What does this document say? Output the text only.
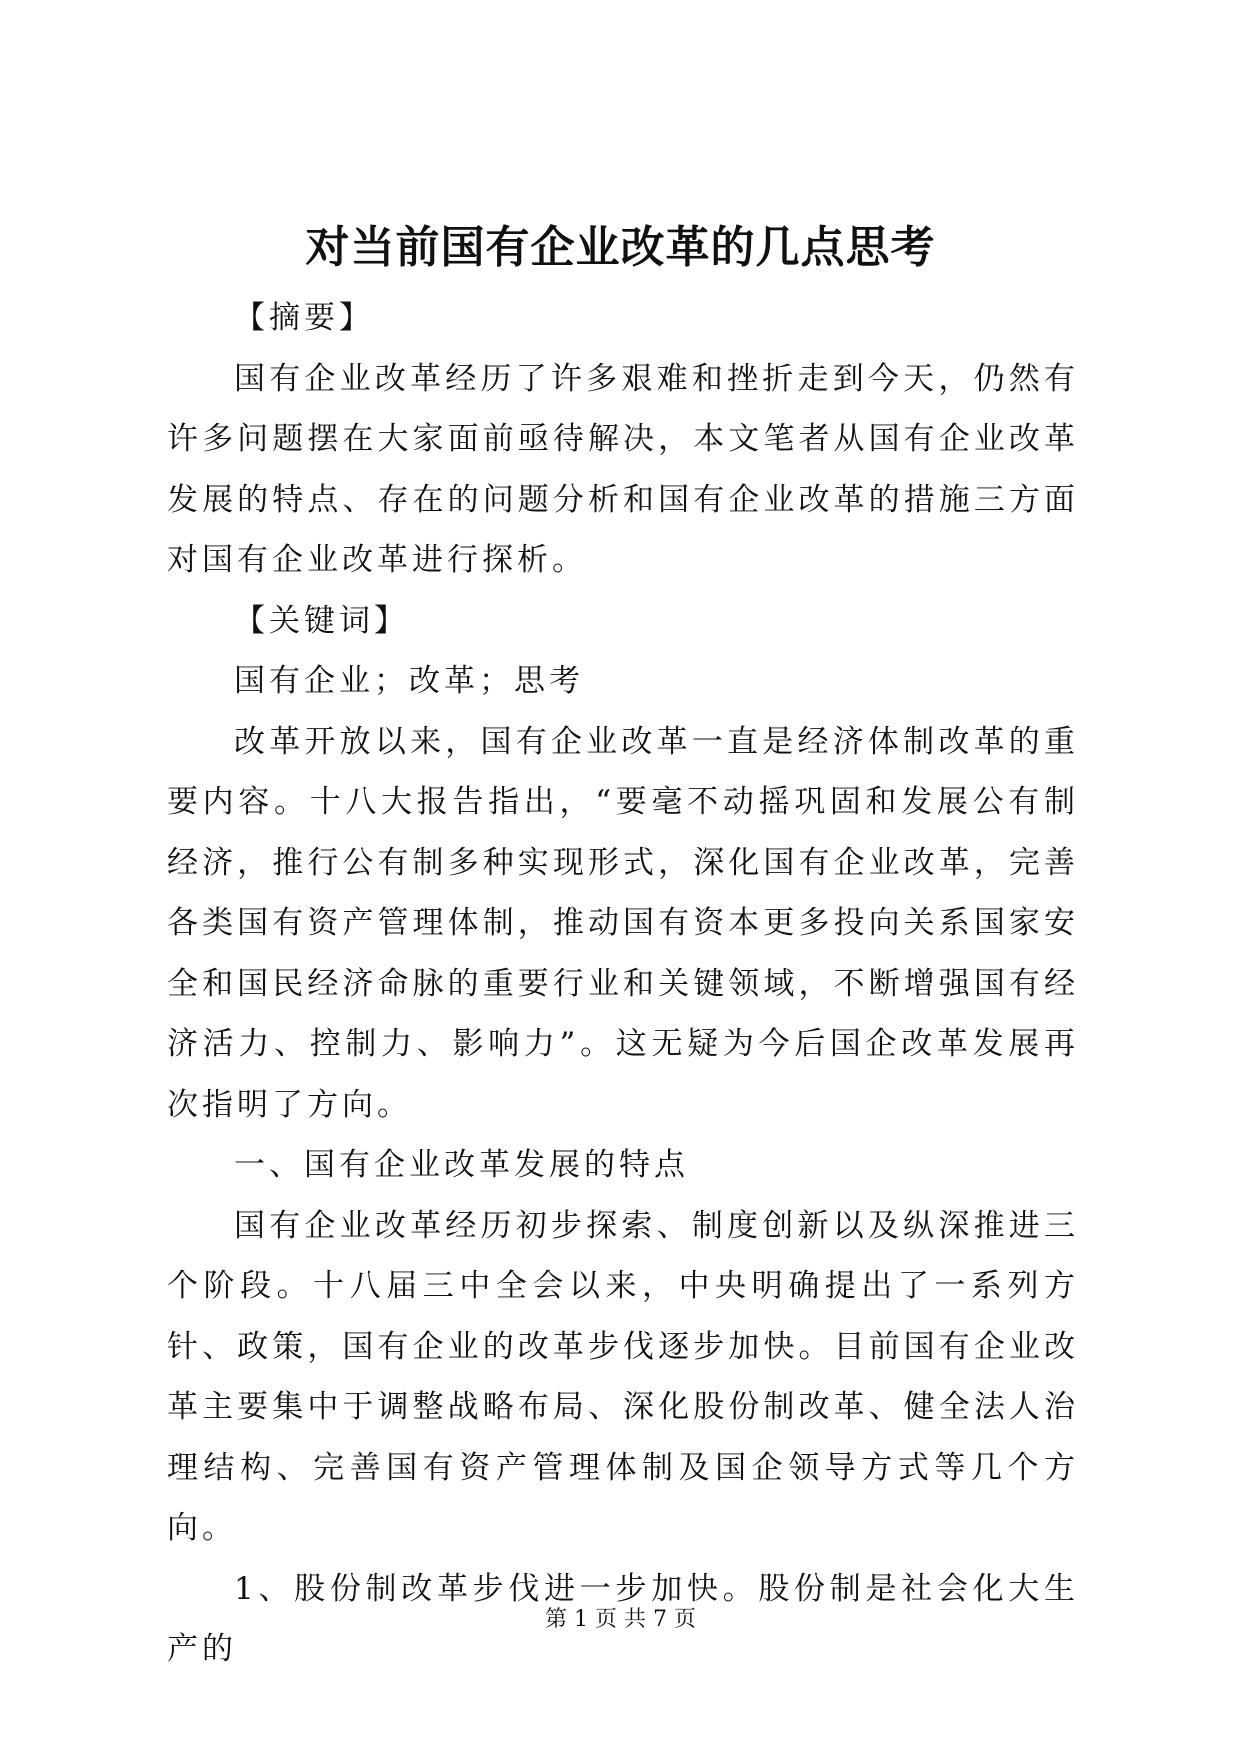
对当前国有企业改革的几点思考

【摘要】

国有企业改革经历了许多艰难和挫折走到今天，仍然有许多问题摆在大家面前亟待解决，本文笔者从国有企业改革发展的特点、存在的问题分析和国有企业改革的措施三方面对国有企业改革进行探析。

【关键词】

国有企业；改革；思考

改革开放以来，国有企业改革一直是经济体制改革的重要内容。十八大报告指出，“要毫不动摇巩固和发展公有制经济，推行公有制多种实现形式，深化国有企业改革，完善各类国有资产管理体制，推动国有资本更多投向关系国家安全和国民经济命脉的重要行业和关键领域，不断增强国有经济活力、控制力、影响力”。这无疑为今后国企改革发展再次指明了方向。

一、国有企业改革发展的特点

国有企业改革经历初步探索、制度创新以及纵深推进三个阶段。十八届三中全会以来，中央明确提出了一系列方针、政策，国有企业的改革步伐逐步加快。目前国有企业改革主要集中于调整战略布局、深化股份制改革、健全法人治理结构、完善国有资产管理体制及国企领导方式等几个方向。

1、股份制改革步伐进一步加快。股份制是社会化大生产的

第 1 页 共 7 页
